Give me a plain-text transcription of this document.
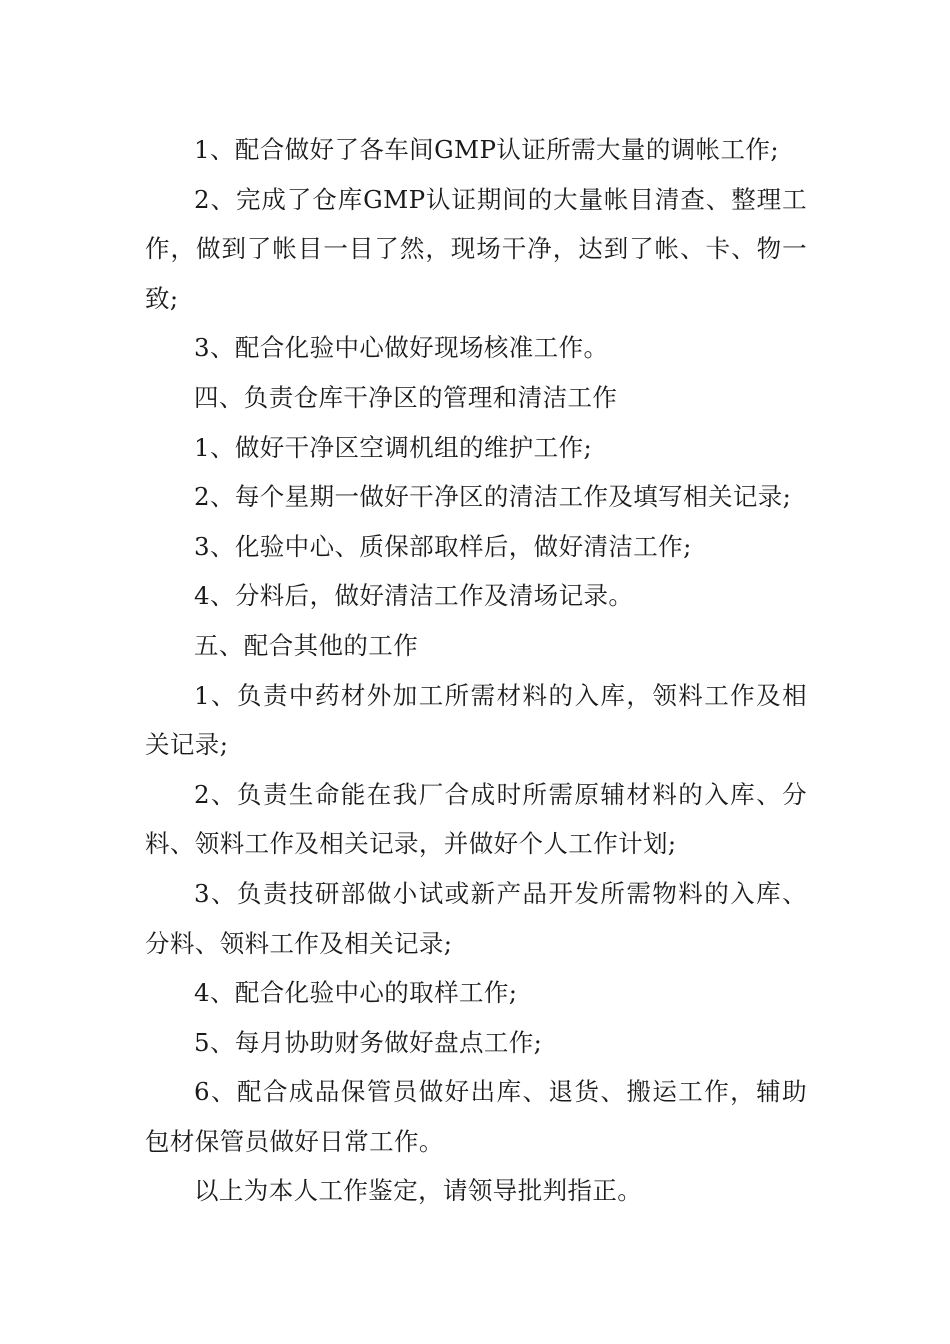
1、配合做好了各车间GMP认证所需大量的调帐工作;

2、完成了仓库GMP认证期间的大量帐目清查、整理工作，做到了帐目一目了然，现场干净，达到了帐、卡、物一致;

3、配合化验中心做好现场核准工作。

四、负责仓库干净区的管理和清洁工作

1、做好干净区空调机组的维护工作;

2、每个星期一做好干净区的清洁工作及填写相关记录;

3、化验中心、质保部取样后，做好清洁工作;

4、分料后，做好清洁工作及清场记录。

五、配合其他的工作

1、负责中药材外加工所需材料的入库，领料工作及相关记录;

2、负责生命能在我厂合成时所需原辅材料的入库、分料、领料工作及相关记录，并做好个人工作计划;

3、负责技研部做小试或新产品开发所需物料的入库、分料、领料工作及相关记录;

4、配合化验中心的取样工作;

5、每月协助财务做好盘点工作;

6、配合成品保管员做好出库、退货、搬运工作，辅助包材保管员做好日常工作。

以上为本人工作鉴定，请领导批判指正。
